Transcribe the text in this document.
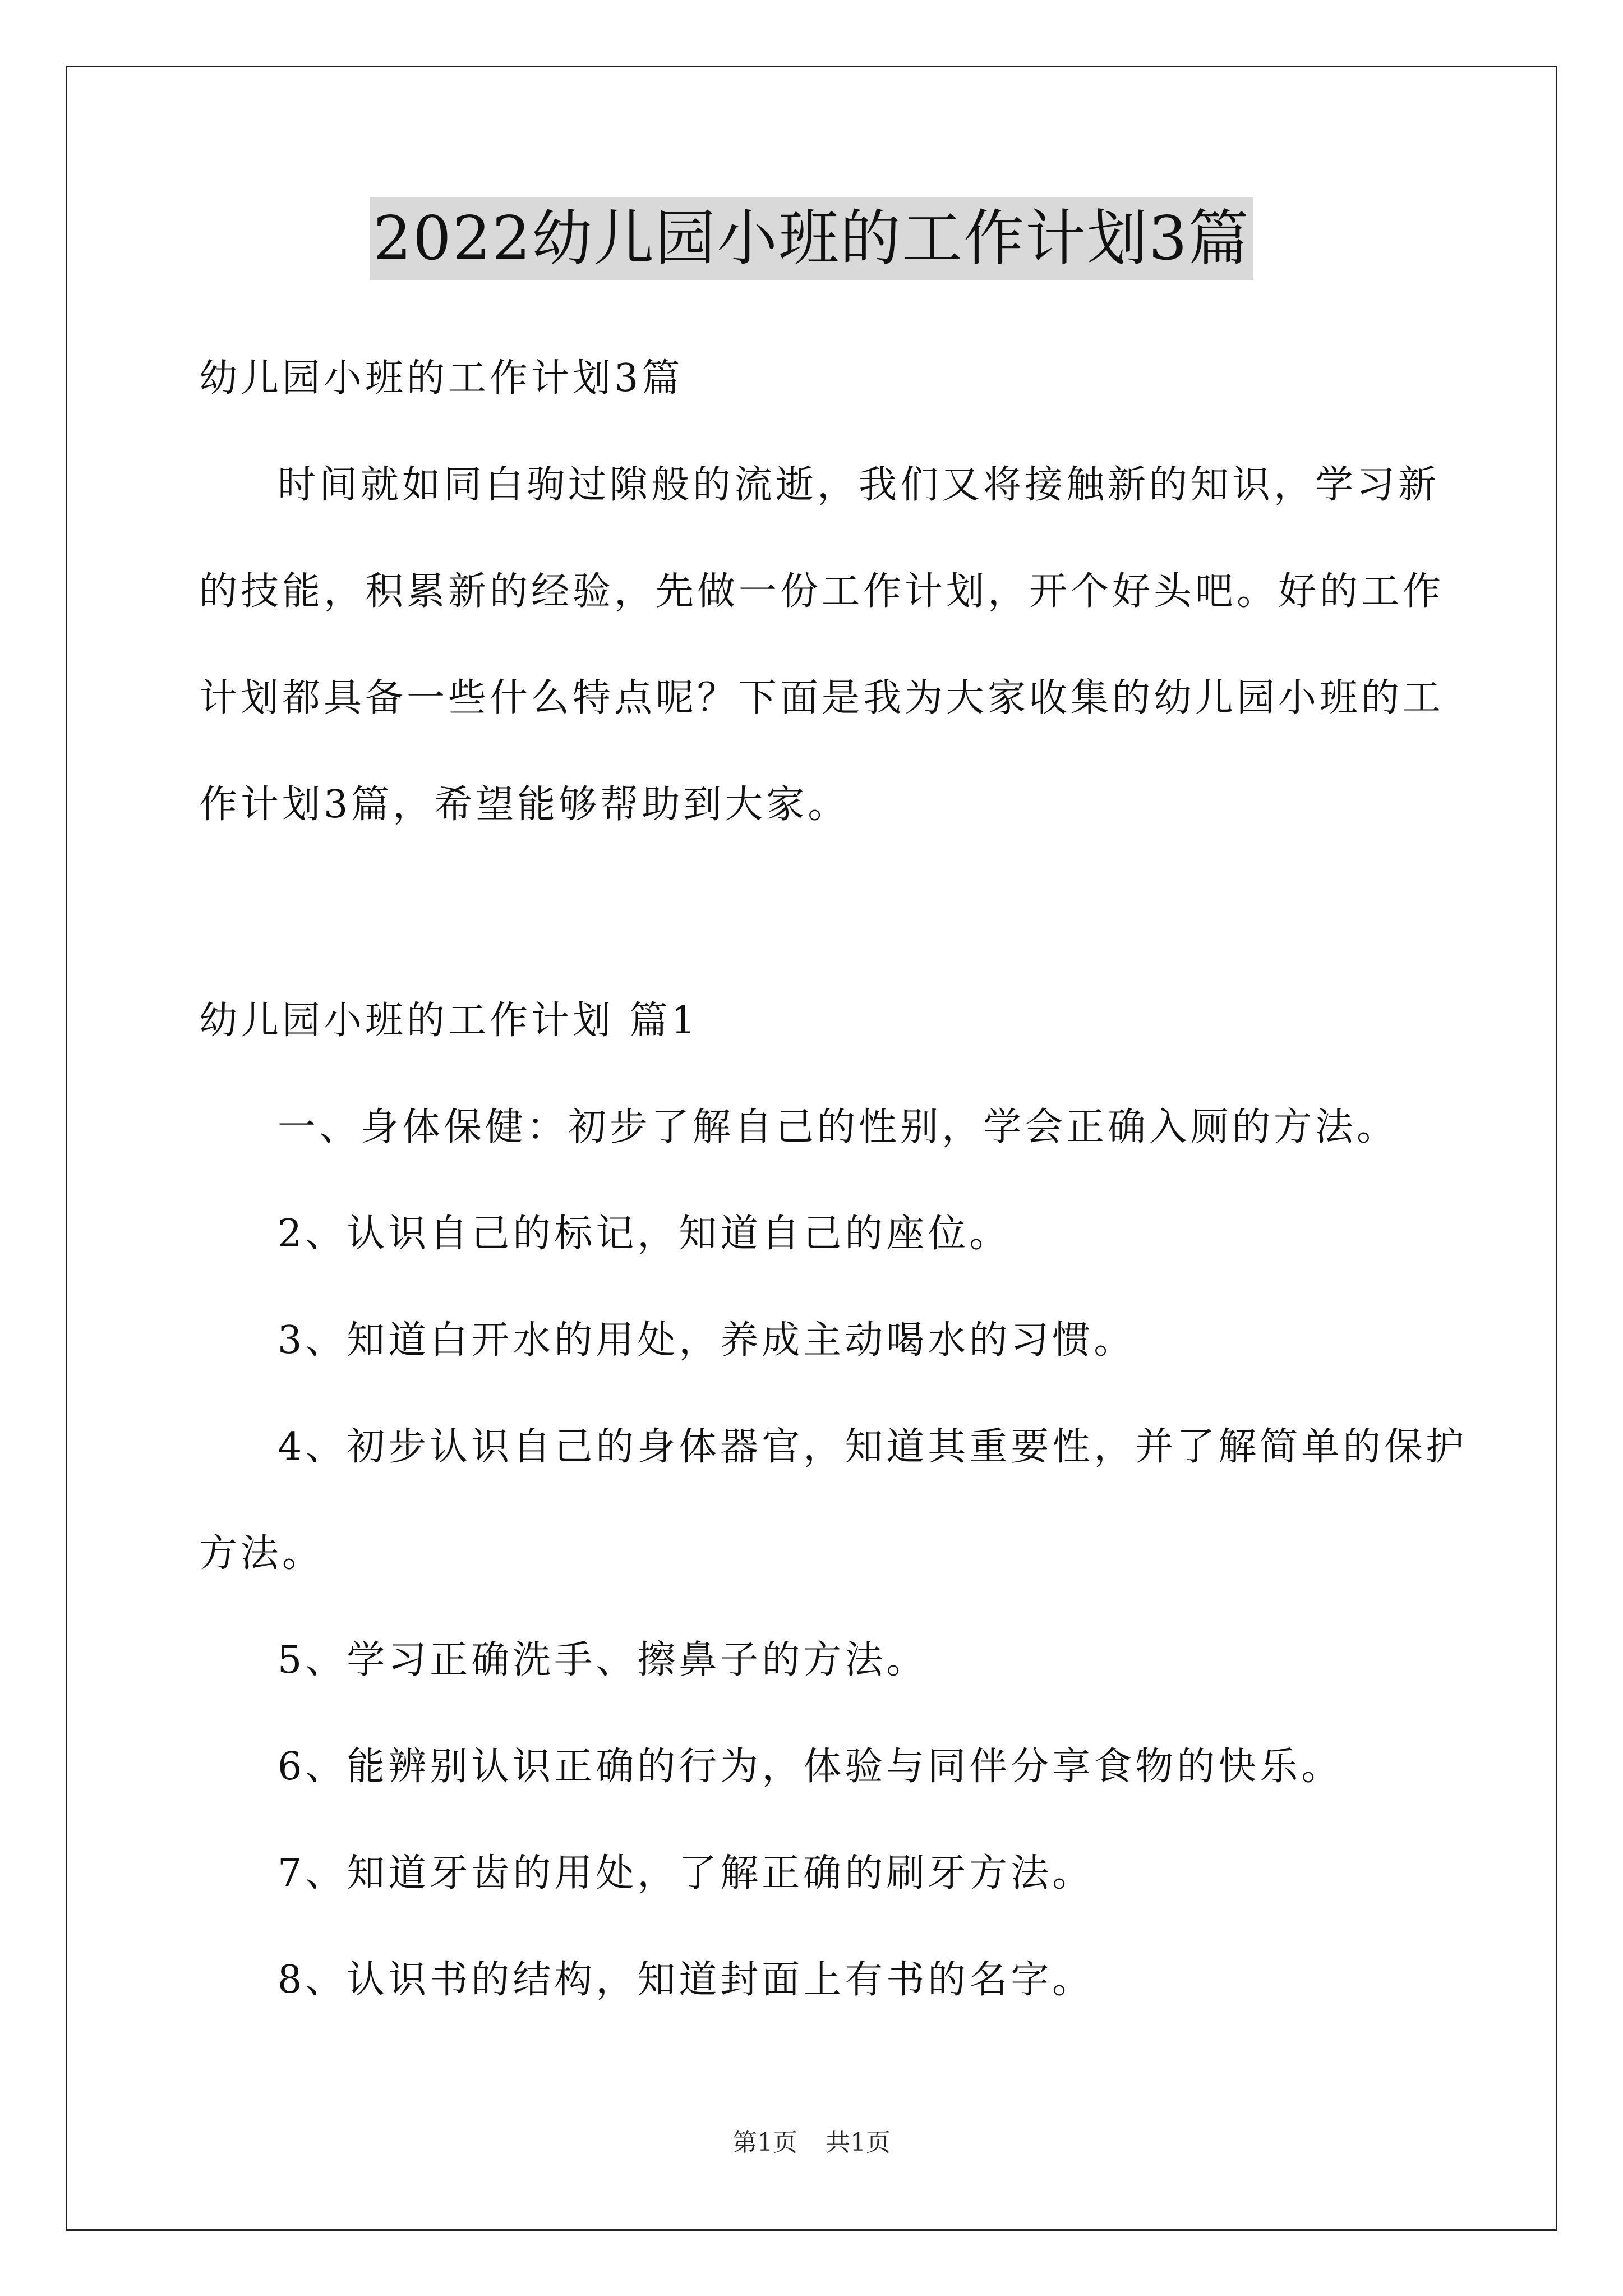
2022幼儿园小班的工作计划3篇
幼儿园小班的工作计划3篇
时间就如同白驹过隙般的流逝，我们又将接触新的知识，学习新
的技能，积累新的经验，先做一份工作计划，开个好头吧。好的工作
计划都具备一些什么特点呢？下面是我为大家收集的幼儿园小班的工
作计划3篇，希望能够帮助到大家。
幼儿园小班的工作计划 篇1
一、身体保健：初步了解自己的性别，学会正确入厕的方法。
2、认识自己的标记，知道自己的座位。
3、知道白开水的用处，养成主动喝水的习惯。
4、初步认识自己的身体器官，知道其重要性，并了解简单的保护
方法。
5、学习正确洗手、擦鼻子的方法。
6、能辨别认识正确的行为，体验与同伴分享食物的快乐。
7、知道牙齿的用处，了解正确的刷牙方法。
8、认识书的结构，知道封面上有书的名字。
第1页 共1页
